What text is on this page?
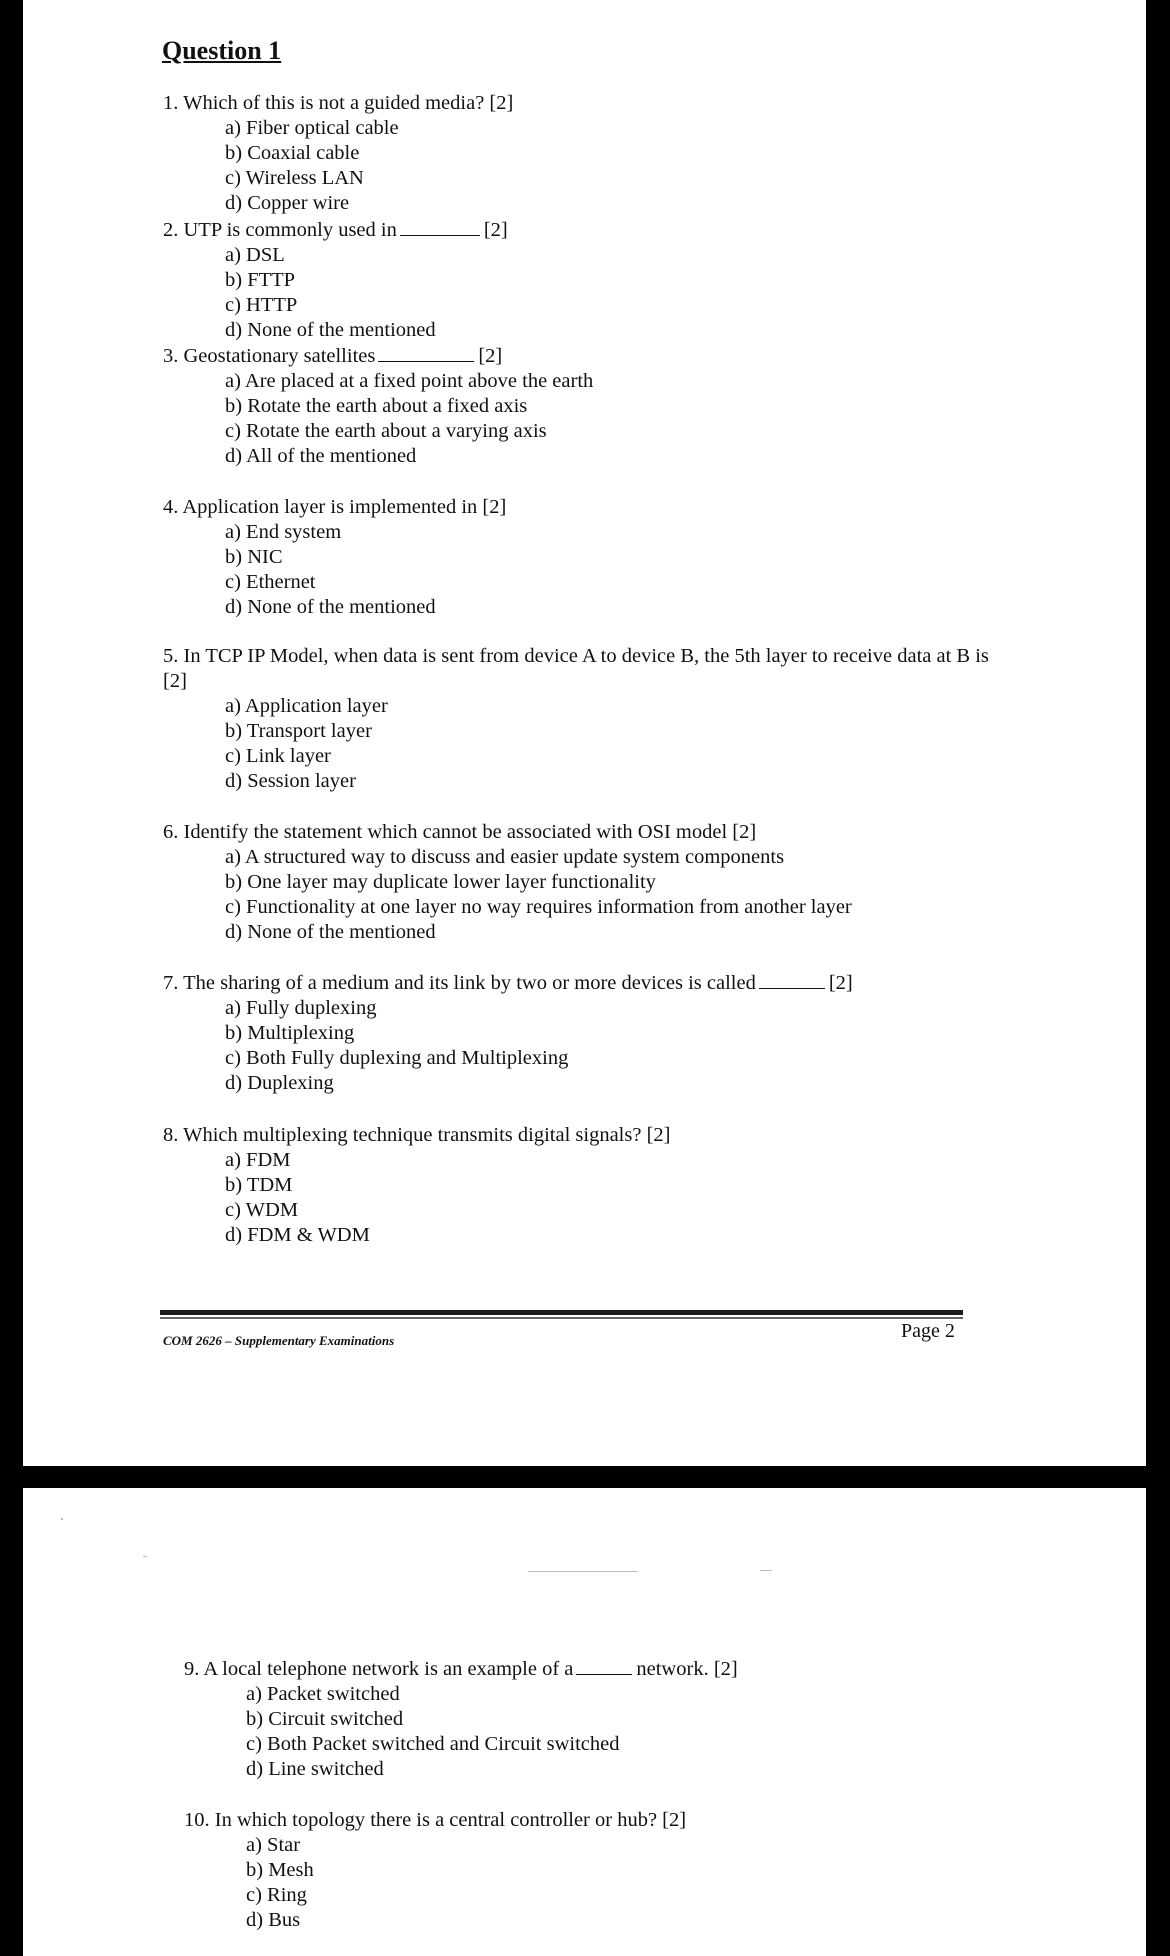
Question 1

1. Which of this is not a guided media? [2]

a) Fiber optical cable
b) Coaxial cable
c) Wireless LAN
d) Copper wire

2. UTP is commonly used in	[2]

a) DSL
b) FTTP
c) HTTP
d) None of the mentioned

3. Geostationary satellites	[2]

a) Are placed at a fixed point above the earth
b) Rotate the earth about a fixed axis
c) Rotate the earth about a varying axis
d) All of the mentioned

4. Application layer is implemented in [2]

a) End system
b) NIC
c) Ethernet
d) None of the mentioned

5. In TCP IP Model, when data is sent from device A to device B, the 5th layer to receive data at B is [2]

a) Application layer
b) Transport layer
c) Link layer
d) Session layer

6. Identify the statement which cannot be associated with OSI model [2]

a) A structured way to discuss and easier update system components
b) One layer may duplicate lower layer functionality
c) Functionality at one layer no way requires information from another layer
d) None of the mentioned

7. The sharing of a medium and its link by two or more devices is called	[2]

a) Fully duplexing
b) Multiplexing
c) Both Fully duplexing and Multiplexing
d) Duplexing

8. Which multiplexing technique transmits digital signals? [2]

a) FDM
b) TDM
c) WDM
d) FDM & WDM
COM 2626 – Supplementary Examinations	Page 2

9. A local telephone network is an example of a	network. [2]

a) Packet switched
b) Circuit switched
c) Both Packet switched and Circuit switched
d) Line switched

10. In which topology there is a central controller or hub? [2]

a) Star
b) Mesh
c) Ring
d) Bus
